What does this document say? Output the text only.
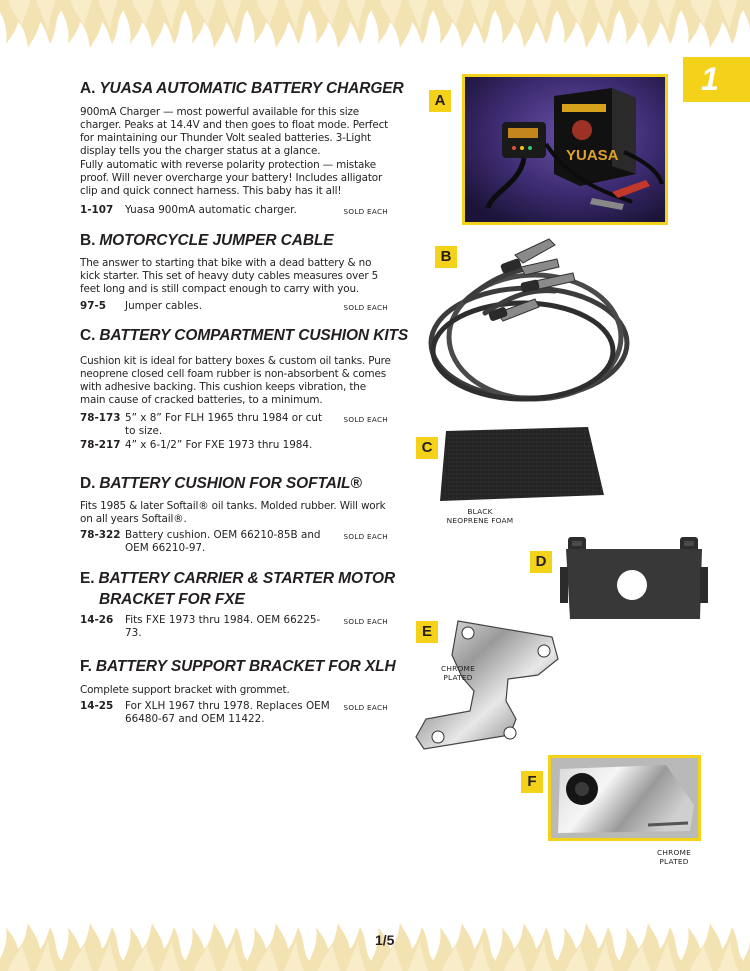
1
A. YUASA AUTOMATIC BATTERY CHARGER
900mA Charger — most powerful available for this size charger. Peaks at 14.4V and then goes to float mode. Perfect for maintaining our Thunder Volt sealed batteries. 3-Light display tells you the charger status at a glance.
Fully automatic with reverse polarity protection — mistake proof. Will never overcharge your battery! Includes alligator clip and quick connect harness. This baby has it all!
1-107 Yuasa 900mA automatic charger.	SOLD EACH
B. MOTORCYCLE JUMPER CABLE
The answer to starting that bike with a dead battery & no kick starter. This set of heavy duty cables measures over 5 feet long and is still compact enough to carry with you.
97-5 Jumper cables.	SOLD EACH
C. BATTERY COMPARTMENT CUSHION KITS
Cushion kit is ideal for battery boxes & custom oil tanks. Pure neoprene closed cell foam rubber is non-absorbent & comes with adhesive backing. This cushion keeps vibration, the main cause of cracked batteries, to a minimum.
78-173 5” x 8” For FLH 1965 thru 1984 or cut to size.
SOLD EACH
78-217 4” x 6-1/2” For FXE 1973 thru 1984.
D. BATTERY CUSHION FOR SOFTAIL®
Fits 1985 & later Softail® oil tanks. Molded rubber. Will work on all years Softail®.
78-322 Battery cushion. OEM 66210-85B and OEM 66210-97.
SOLD EACH
E. BATTERY CARRIER & STARTER MOTOR
BRACKET FOR FXE
14-26 Fits FXE 1973 thru 1984. OEM 66225-73.
SOLD EACH
F. BATTERY SUPPORT BRACKET FOR XLH
Complete support bracket with grommet.
14-25 For XLH 1967 thru 1978. Replaces OEM 66480-67 and OEM 11422.
SOLD EACH
A
YUASA
B
C
BLACK
NEOPRENE FOAM
D
E
CHROME
PLATED
F
CHROME
PLATED
1/5
